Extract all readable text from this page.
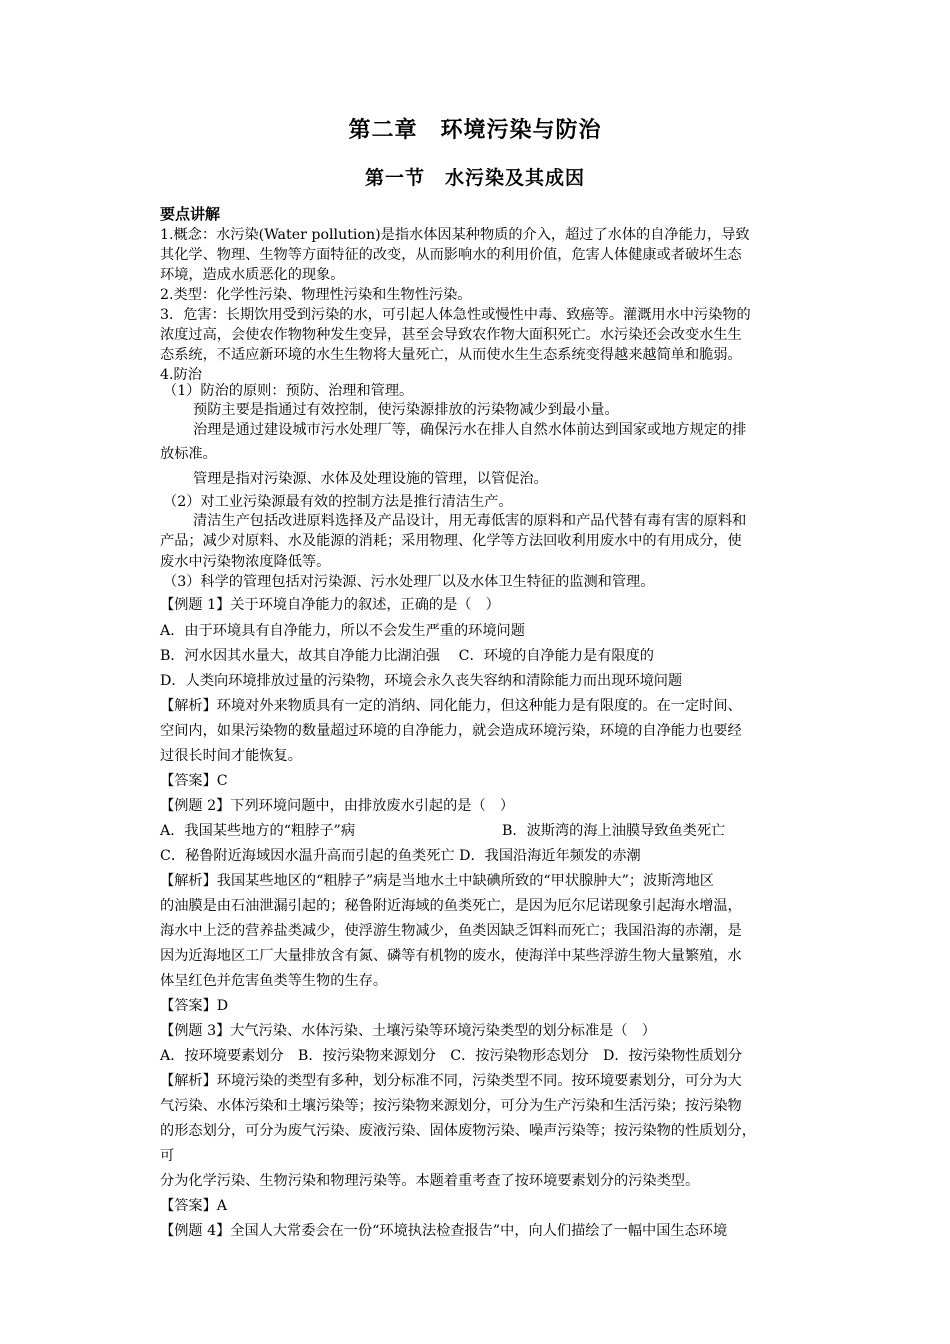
第二章　环境污染与防治
第一节　水污染及其成因
要点讲解
1.概念：水污染(Water pollution)是指水体因某种物质的介入，超过了水体的自净能力，导致
其化学、物理、生物等方面特征的改变，从而影响水的利用价值，危害人体健康或者破坏生态
环境，造成水质恶化的现象。
2.类型：化学性污染、物理性污染和生物性污染。
3．危害：长期饮用受到污染的水，可引起人体急性或慢性中毒、致癌等。灌溉用水中污染物的
浓度过高，会使农作物物种发生变异，甚至会导致农作物大面积死亡。水污染还会改变水生生
态系统，不适应新环境的水生生物将大量死亡，从而使水生生态系统变得越来越简单和脆弱。
4.防治
（1）防治的原则：预防、治理和管理。
预防主要是指通过有效控制，使污染源排放的污染物减少到最小量。
治理是通过建设城市污水处理厂等，确保污水在排人自然水体前达到国家或地方规定的排
放标准。
管理是指对污染源、水体及处理设施的管理，以管促治。
（2）对工业污染源最有效的控制方法是推行清洁生产。
清洁生产包括改进原料选择及产品设计，用无毒低害的原料和产品代替有毒有害的原料和
产品；减少对原料、水及能源的消耗；采用物理、化学等方法回收利用废水中的有用成分，使
废水中污染物浓度降低等。
（3）科学的管理包括对污染源、污水处理厂以及水体卫生特征的监测和管理。
【例题 1】关于环境自净能力的叙述，正确的是（　）
A．由于环境具有自净能力，所以不会发生严重的环境问题
B．河水因其水量大，故其自净能力比湖泊强　 C．环境的自净能力是有限度的
D．人类向环境排放过量的污染物，环境会永久丧失容纳和清除能力而出现环境问题
【解析】环境对外来物质具有一定的消纳、同化能力，但这种能力是有限度的。在一定时间、
空间内，如果污染物的数量超过环境的自净能力，就会造成环境污染，环境的自净能力也要经
过很长时间才能恢复。
【答案】C
【例题 2】下列环境问题中，由排放废水引起的是（　）
A．我国某些地方的“粗脖子”病	B．波斯湾的海上油膜导致鱼类死亡
C．秘鲁附近海域因水温升高而引起的鱼类死亡 D．我国沿海近年频发的赤潮
【解析】我国某些地区的“粗脖子”病是当地水土中缺碘所致的“甲状腺肿大”；波斯湾地区
的油膜是由石油泄漏引起的；秘鲁附近海域的鱼类死亡，是因为厄尔尼诺现象引起海水增温，
海水中上泛的营养盐类减少，使浮游生物减少，鱼类因缺乏饵料而死亡；我国沿海的赤潮，是
因为近海地区工厂大量排放含有氮、磷等有机物的废水，使海洋中某些浮游生物大量繁殖，水
体呈红色并危害鱼类等生物的生存。
【答案】D
【例题 3】大气污染、水体污染、土壤污染等环境污染类型的划分标准是（　）
A．按环境要素划分　B．按污染物来源划分　C．按污染物形态划分　D．按污染物性质划分
【解析】环境污染的类型有多种，划分标准不同，污染类型不同。按环境要素划分，可分为大
气污染、水体污染和土壤污染等；按污染物来源划分，可分为生产污染和生活污染；按污染物
的形态划分，可分为废气污染、废液污染、固体废物污染、噪声污染等；按污染物的性质划分，
可
分为化学污染、生物污染和物理污染等。本题着重考查了按环境要素划分的污染类型。
【答案】A
【例题 4】全国人大常委会在一份“环境执法检查报告”中，向人们描绘了一幅中国生态环境
